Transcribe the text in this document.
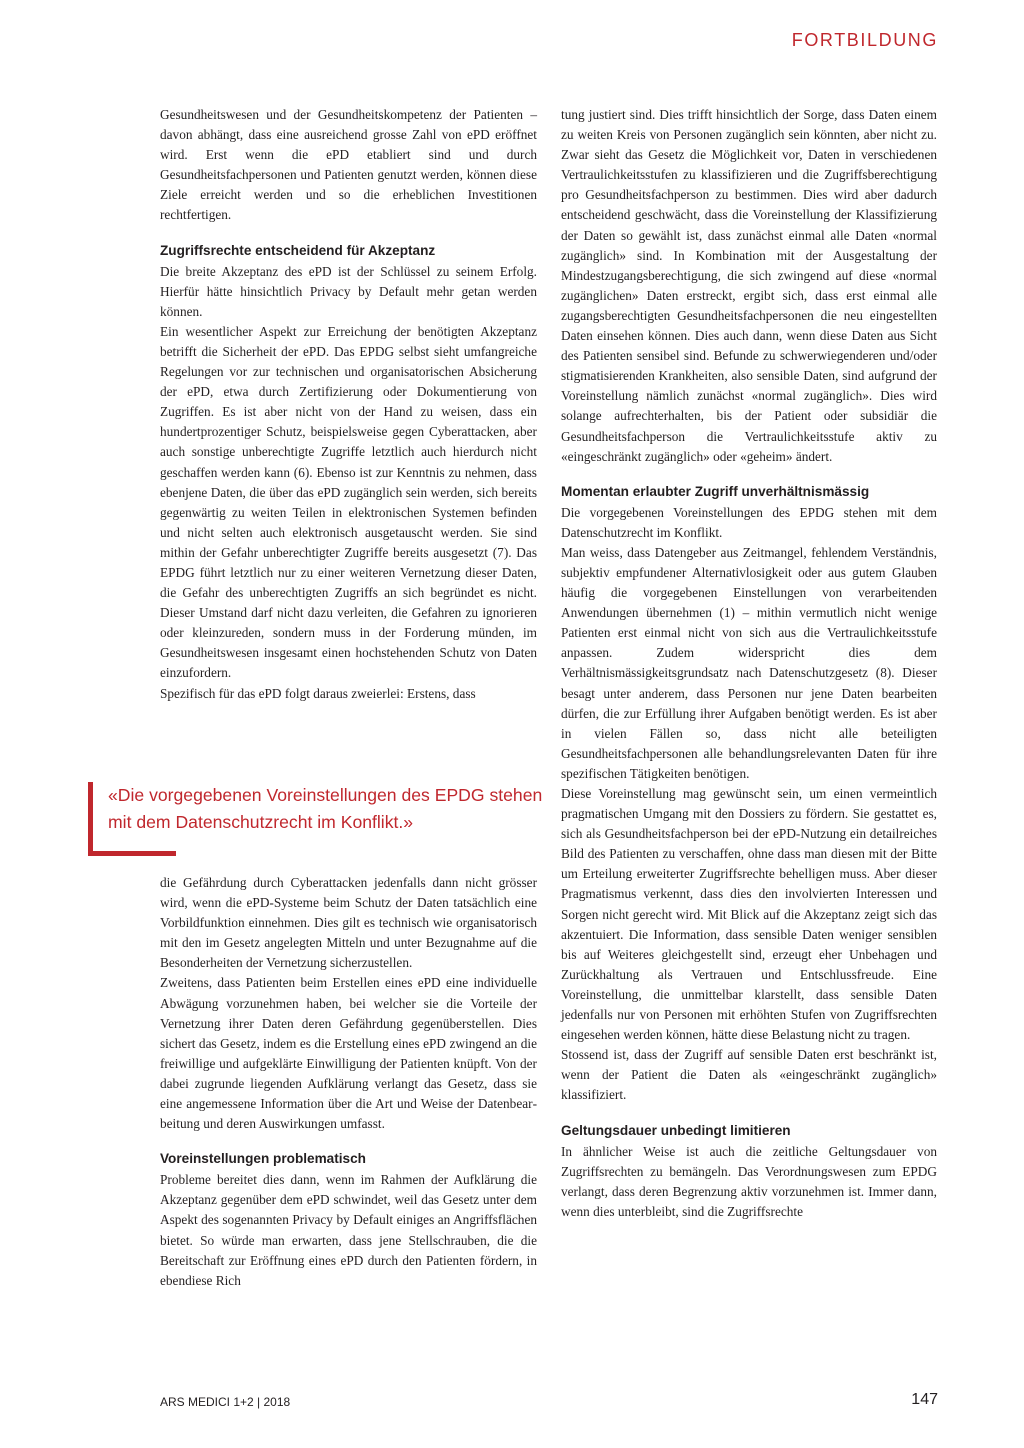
FORTBILDUNG

Gesundheitswesen und der Gesundheitskompetenz der Patienten – davon abhängt, dass eine ausreichend grosse Zahl von ePD eröffnet wird. Erst wenn die ePD etabliert sind und durch Gesundheitsfachpersonen und Patienten genutzt werden, können diese Ziele erreicht werden und so die erheblichen Investitionen rechtfertigen.

Zugriffsrechte entscheidend für Akzeptanz

Die breite Akzeptanz des ePD ist der Schlüssel zu seinem Erfolg. Hierfür hätte hinsichtlich Privacy by Default mehr getan werden können.

Ein wesentlicher Aspekt zur Erreichung der benötigten Akzeptanz betrifft die Sicherheit der ePD. Das EPDG selbst sieht umfangreiche Regelungen vor zur technischen und organisatorischen Absicherung der ePD, etwa durch Zertifizierung oder Dokumentierung von Zugriffen. Es ist aber nicht von der Hand zu weisen, dass ein hundertprozentiger Schutz, beispielsweise gegen Cyberattacken, aber auch sonstige unberechtigte Zugriffe letztlich auch hierdurch nicht geschaffen werden kann (6). Ebenso ist zur Kenntnis zu nehmen, dass ebenjene Daten, die über das ePD zugänglich sein werden, sich bereits gegenwärtig zu weiten Teilen in elektronischen Systemen befinden und nicht selten auch elektronisch ausgetauscht werden. Sie sind mithin der Gefahr unberechtigter Zugriffe bereits ausgesetzt (7). Das EPDG führt letztlich nur zu einer weiteren Vernetzung dieser Daten, die Gefahr des unberechtigten Zugriffs an sich begründet es nicht. Dieser Umstand darf nicht dazu verleiten, die Gefahren zu ignorieren oder kleinzureden, sondern muss in der Forderung münden, im Gesundheitswesen insgesamt einen hochstehenden Schutz von Daten einzufordern.

Spezifisch für das ePD folgt daraus zweierlei: Erstens, dass

«Die vorgegebenen Voreinstellungen des EPDG stehen mit dem Datenschutzrecht im Konflikt.»

die Gefährdung durch Cyberattacken jedenfalls dann nicht grösser wird, wenn die ePD-Systeme beim Schutz der Daten tatsächlich eine Vorbildfunktion einnehmen. Dies gilt es technisch wie organisatorisch mit den im Gesetz angelegten Mitteln und unter Bezugnahme auf die Besonderheiten der Vernetzung sicherzustellen.

Zweitens, dass Patienten beim Erstellen eines ePD eine individuelle Abwägung vorzunehmen haben, bei welcher sie die Vorteile der Vernetzung ihrer Daten deren Gefährdung gegenüberstellen. Dies sichert das Gesetz, indem es die Erstellung eines ePD zwingend an die freiwillige und aufgeklärte Einwilligung der Patienten knüpft. Von der dabei zugrunde liegenden Aufklärung verlangt das Gesetz, dass sie eine angemessene Information über die Art und Weise der Datenbearbeitung und deren Auswirkungen umfasst.

Voreinstellungen problematisch

Probleme bereitet dies dann, wenn im Rahmen der Aufklärung die Akzeptanz gegenüber dem ePD schwindet, weil das Gesetz unter dem Aspekt des sogenannten Privacy by Default einiges an Angriffsflächen bietet. So würde man erwarten, dass jene Stellschrauben, die die Bereitschaft zur Eröffnung eines ePD durch den Patienten fördern, in ebendiese Rich

tung justiert sind. Dies trifft hinsichtlich der Sorge, dass Daten einem zu weiten Kreis von Personen zugänglich sein könnten, aber nicht zu. Zwar sieht das Gesetz die Möglichkeit vor, Daten in verschiedenen Vertraulichkeitsstufen zu klassifizieren und die Zugriffsberechtigung pro Gesundheitsfachperson zu bestimmen. Dies wird aber dadurch entscheidend geschwächt, dass die Voreinstellung der Klassifizierung der Daten so gewählt ist, dass zunächst einmal alle Daten «normal zugänglich» sind. In Kombination mit der Ausgestaltung der Mindestzugangsberechtigung, die sich zwingend auf diese «normal zugänglichen» Daten erstreckt, ergibt sich, dass erst einmal alle zugangsberechtigten Gesundheitsfachpersonen die neu eingestellten Daten einsehen können. Dies auch dann, wenn diese Daten aus Sicht des Patienten sensibel sind. Befunde zu schwerwiegenderen und/oder stigmatisierenden Krankheiten, also sensible Daten, sind aufgrund der Voreinstellung nämlich zunächst «normal zugänglich». Dies wird solange aufrechterhalten, bis der Patient oder subsidiär die Gesundheitsfachperson die Vertraulichkeitsstufe aktiv zu «eingeschränkt zugänglich» oder «geheim» ändert.

Momentan erlaubter Zugriff unverhältnismässig

Die vorgegebenen Voreinstellungen des EPDG stehen mit dem Datenschutzrecht im Konflikt.

Man weiss, dass Datengeber aus Zeitmangel, fehlendem Verständnis, subjektiv empfundener Alternativlosigkeit oder aus gutem Glauben häufig die vorgegebenen Einstellungen von verarbeitenden Anwendungen übernehmen (1) – mithin vermutlich nicht wenige Patienten erst einmal nicht von sich aus die Vertraulichkeitsstufe anpassen. Zudem widerspricht dies dem Verhältnismässigkeitsgrundsatz nach Datenschutzgesetz (8). Dieser besagt unter anderem, dass Personen nur jene Daten bearbeiten dürfen, die zur Erfüllung ihrer Aufgaben benötigt werden. Es ist aber in vielen Fällen so, dass nicht alle beteiligten Gesundheitsfachpersonen alle behandlungsrelevanten Daten für ihre spezifischen Tätigkeiten benötigen.

Diese Voreinstellung mag gewünscht sein, um einen vermeintlich pragmatischen Umgang mit den Dossiers zu fördern. Sie gestattet es, sich als Gesundheitsfachperson bei der ePD-Nutzung ein detailreiches Bild des Patienten zu verschaffen, ohne dass man diesen mit der Bitte um Erteilung erweiterter Zugriffsrechte behelligen muss. Aber dieser Pragmatismus verkennt, dass dies den involvierten Interessen und Sorgen nicht gerecht wird. Mit Blick auf die Akzeptanz zeigt sich das akzentuiert. Die Information, dass sensible Daten weniger sensiblen bis auf Weiteres gleichgestellt sind, erzeugt eher Unbehagen und Zurückhaltung als Vertrauen und Entschlussfreude. Eine Voreinstellung, die unmittelbar klarstellt, dass sensible Daten jedenfalls nur von Personen mit erhöhten Stufen von Zugriffsrechten eingesehen werden können, hätte diese Belastung nicht zu tragen.

Stossend ist, dass der Zugriff auf sensible Daten erst beschränkt ist, wenn der Patient die Daten als «eingeschränkt zugänglich» klassifiziert.

Geltungsdauer unbedingt limitieren

In ähnlicher Weise ist auch die zeitliche Geltungsdauer von Zugriffsrechten zu bemängeln. Das Verordnungswesen zum EPDG verlangt, dass deren Begrenzung aktiv vorzunehmen ist. Immer dann, wenn dies unterbleibt, sind die Zugriffsrechte

ARS MEDICI 1+2 | 2018	147
